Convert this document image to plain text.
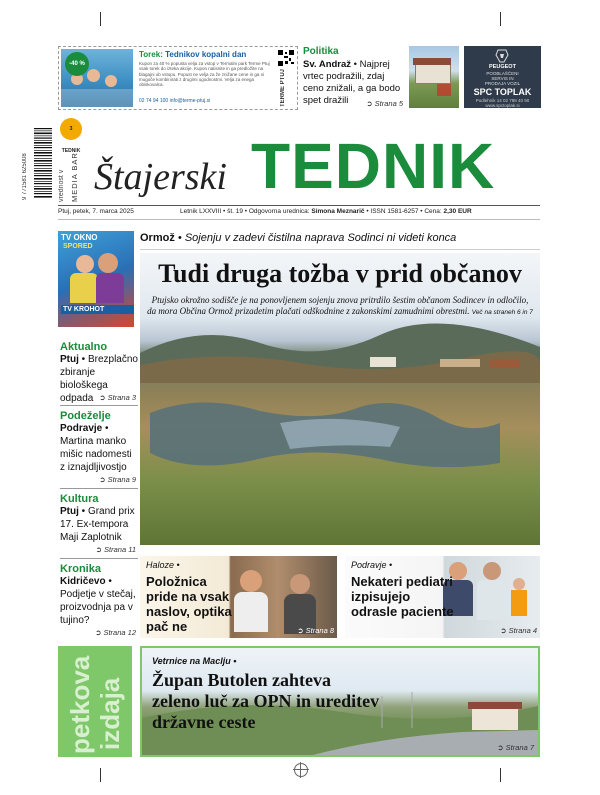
-40 %
Torek: Tednikov kopalni dan
Kupon za 40 % popusta velja za vstop v Termalni park Terme Ptuj vsak torek do izteka akcije. Kupon natisnite in ga predložite na blagajni ob vstopu. Popust ne velja za že znižane cene in ga ni mogoče kombinirati z drugimi ugodnostmi. Velja za enega obiskovalca.
02 74 94 100 info@terme-ptuj.si	TERME PTUJ
Politika
Sv. Andraž • Najprej vrtec podražili, zdaj ceno znižali, a ga bodo spet dražili	➲ Strana 5
PEUGEOT
POOBLAŠČENI
SERVIS IN
PRODAJA VOZIL
SPC TOPLAK
Podlehnik 14 02 788 40 90
www.spctoplak.si
9 771581 625008	vrednost v MEDIA BAR
3 TEDNIK
Štajerski TEDNIK
Ptuj, petek, 7. marca 2025	Letnik LXXVIII • št. 19 • Odgovorna urednica: Simona Meznarič • ISSN 1581-6257 • Cena: 2,30 EUR
TV OKNO
SPORED
TV KROHOT
Aktualno
Ptuj • Brezplačno zbiranje biološkega odpada ➲ Strana 3
Podeželje
Podravje • Martina manko mišic nadomesti z iznajdljivostjo
➲ Strana 9
Kultura
Ptuj • Grand prix 17. Ex-tempora Maji Zaplotnik
➲ Strana 11
Kronika
Kidričevo • Podjetje v stečaj, proizvodnja pa v tujino?
➲ Strana 12
Ormož • Sojenju v zadevi čistilna naprava Sodinci ni videti konca
Tudi druga tožba v prid občanov
Ptujsko okrožno sodišče je na ponovljenem sojenju znova pritrdilo šestim občanom Sodincev in odločilo, da mora Občina Ormož prizadetim plačati odškodnine z zakonskimi zamudnimi obrestmi. Več na straneh 6 in 7
Haloze •
Položnica pride na vsak naslov, optika pač ne	➲ Strana 8
Podravje •
Nekateri pediatri izpisujejo odrasle paciente
➲ Strana 4
petkova izdaja
Vetrnice na Maclju •
Župan Butolen zahteva zeleno luč za OPN in ureditev državne ceste
➲ Strana 7
